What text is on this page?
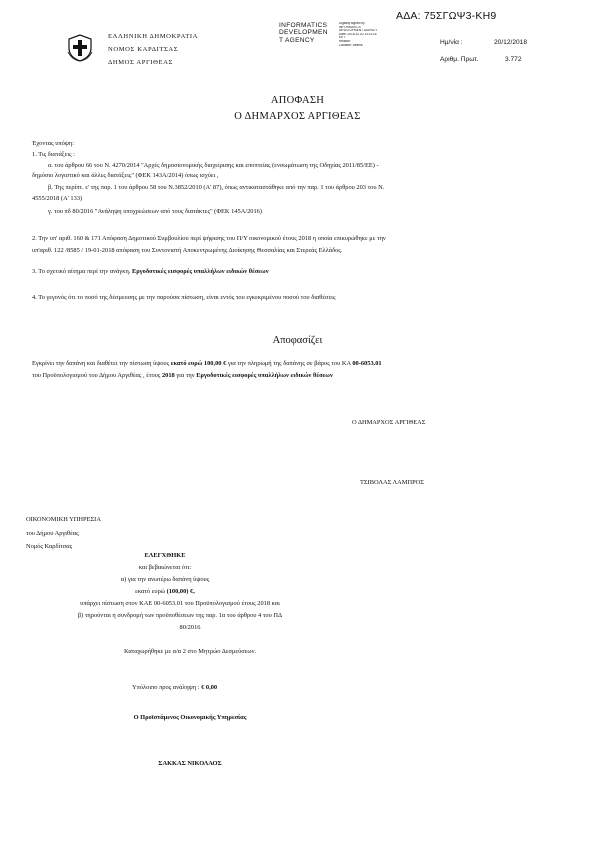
ΑΔΑ: 75ΣΓΩΨ3-ΚΗ9
ΕΛΛΗΝΙΚΗ ΔΗΜΟΚΡΑΤΙΑ
ΝΟΜΟΣ ΚΑΡΔΙΤΣΑΣ
ΔΗΜΟΣ ΑΡΓΙΘΕΑΣ
INFORMATICS
DEVELOPMEN
T AGENCY
Digitally signed by
INFORMATICS
DEVELOPMENT AGENCY
Date: 2018.12.20 13:11:14
EET
Reason:
Location: Athens	Ημ/νία :	20/12/2018
Αριθμ. Πρωτ.	3.772
ΑΠΟΦΑΣΗ
Ο ΔΗΜΑΡΧΟΣ ΑΡΓΙΘΕΑΣ
Έχοντας υπόψη:
1. Τις διατάξεις :
α. του άρθρου 66 του Ν. 4270/2014 "Αρχές δημοσιονομικής διαχείρισης και εποπτείας (ενσωμάτωση της Οδηγίας 2011/85/ΕΕ) -
δημόσιο λογιστικό και άλλες διατάξεις" (ΦΕΚ 143Α/2014) όπως ισχύει ,
β. Της περίπτ. ε' της παρ. 1 του άρθρου 58 του Ν.3852/2010 (Α' 87), όπως αντικαταστάθηκε από την παρ. 1 του άρθρου 203 του Ν.
4555/2018 (Α' 133)
γ. του πδ 80/2016 "Ανάληψη υποχρεώσεων από τους διατάκτες" (ΦΕΚ 145Α/2016)
2. Την υπ' αριθ. 160 & 171 Απόφαση Δημοτικού Συμβουλίου περί ψήφισης του Π/Υ οικονομικού έτους 2018 η οποία επικυρώθηκε με την
υπ'αριθ. 122 /8585 / 19-01-2018 απόφαση του Συντονιστή Αποκεντρωμένης Διοίκησης Θεσσαλίας και Στερεάς Ελλάδος.
3. Το σχετικό αίτημα περί την ανάγκη. Εργοδοτικές εισφορές υπαλλήλων ειδικών θέσεων
4. Το γεγονός ότι το ποσό της δέσμευσης με την παρούσα πίστωση, είναι εντός του εγκεκριμένου ποσού του διαθέσεις
Αποφασίζει
Εγκρίνει την δαπάνη και διαθέτει την πίστωση ύψους εκατό ευρώ 100,00 € για την πληρωμή της δαπάνης σε βάρος του ΚΑ 00-6053.01
του Προϋπολογισμού του Δήμου Αργιθέας , έτους 2018 για την Εργοδοτικές εισφορές υπαλλήλων ειδικών θέσεων
Ο ΔΗΜΑΡΧΟΣ ΑΡΓΙΘΕΑΣ
ΤΣΙΒΟΛΑΣ ΛΑΜΠΡΟΣ
ΟΙΚΟΝΟΜΙΚΗ ΥΠΗΡΕΣΙΑ
του Δήμου Αργιθέας
Νομός Καρδίτσας
ΕΛΕΓΧΘΗΚΕ
και βεβαιώνεται ότι:
α) για την ανωτέρω δαπάνη ύψους
εκατό ευρώ (100,00) €,
υπάρχει πίστωση στον ΚΑΕ 00-6053.01 του Προϋπολογισμού έτους 2018 και
β) τηρούνται η συνδρομή των προϋποθέσεων της παρ. 1α του άρθρου 4 του ΠΔ
80/2016
Καταχωρήθηκε με α/α 2 στο Μητρώο Δεσμεύσεων.
Υπόλοιπο προς ανάληψη : € 0,00
Ο Προϊστάμενος Οικονομικής Υπηρεσίας
ΣΑΚΚΑΣ ΝΙΚΟΛΑΟΣ
